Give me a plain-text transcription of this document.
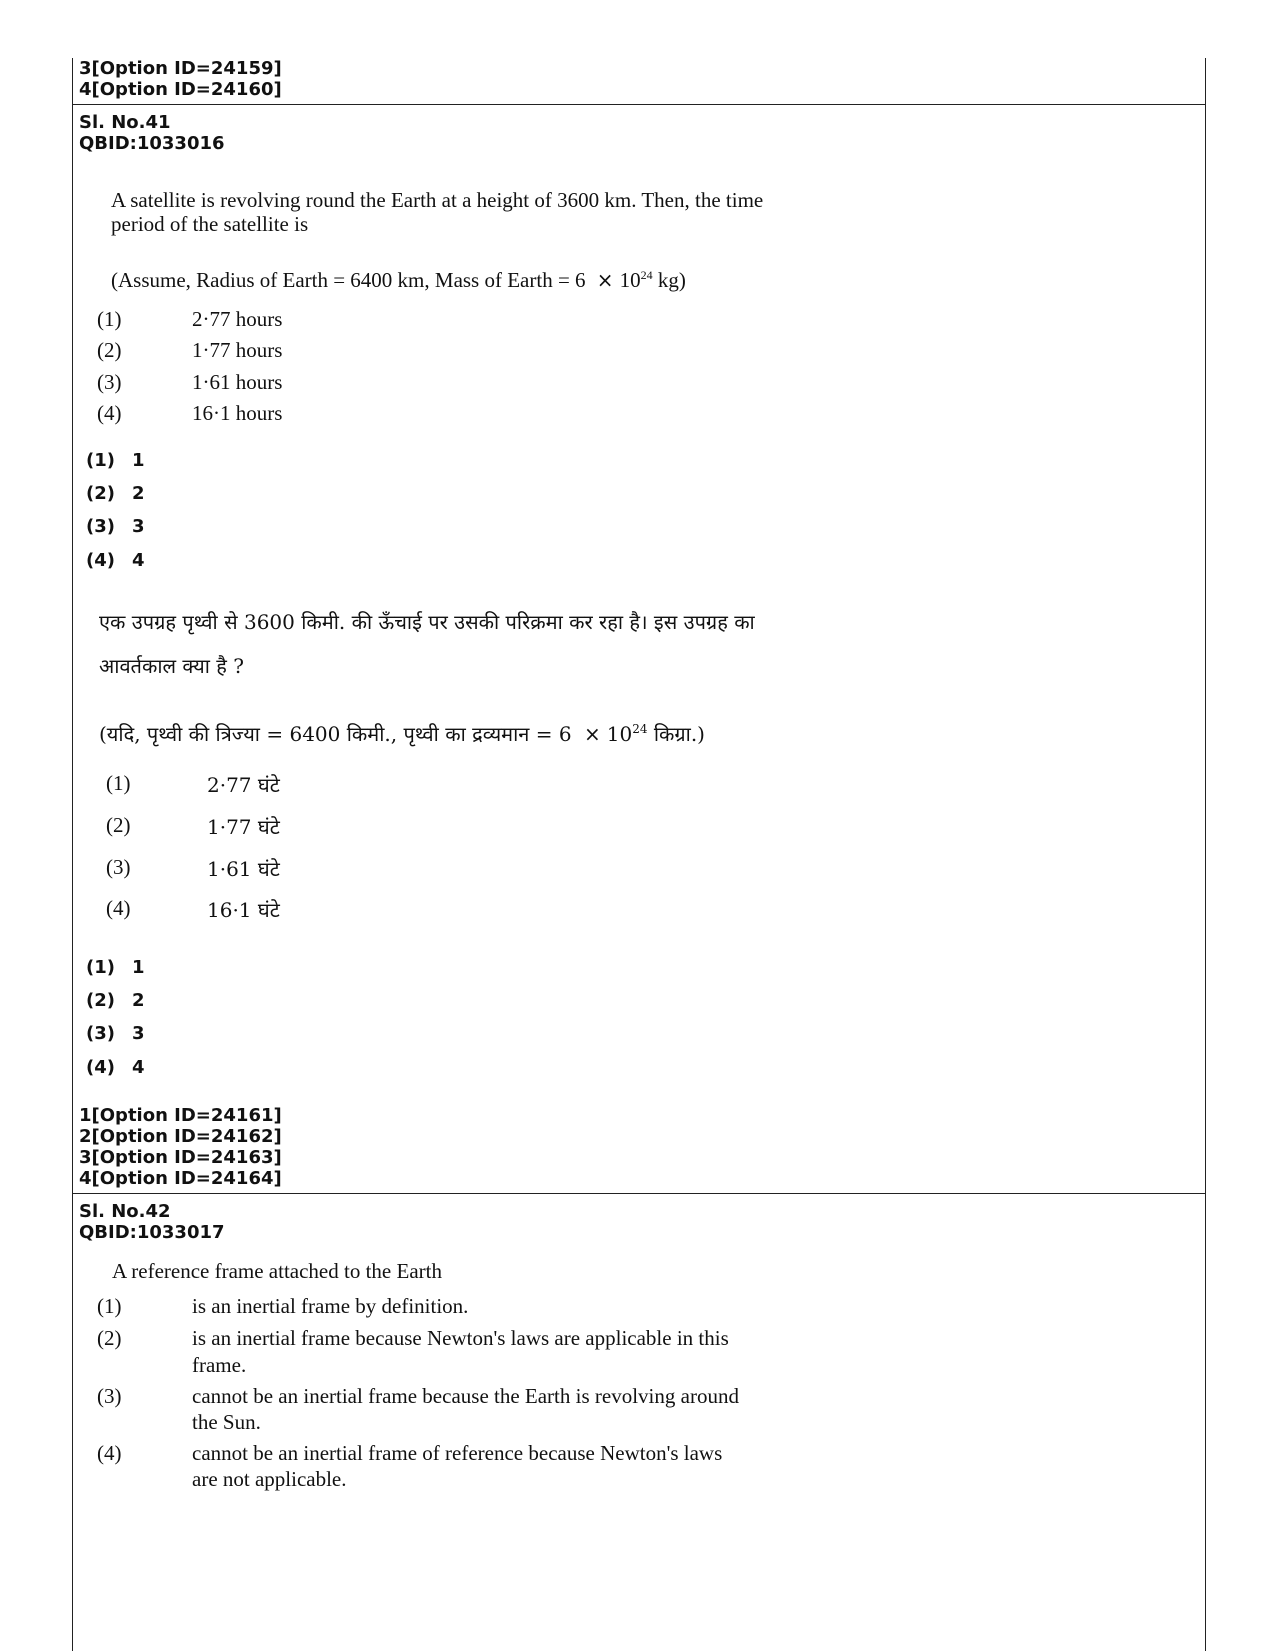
3[Option ID=24159]
4[Option ID=24160]
Sl. No.41
QBID:1033016
A satellite is revolving round the Earth at a height of 3600 km. Then, the time
period of the satellite is
(Assume, Radius of Earth = 6400 km, Mass of Earth = $6 \times 10^{24}$ kg)
(1)	2·77 hours
(2)	1·77 hours
(3)	1·61 hours
(4)	16·1 hours
(1) 1
(2) 2
(3) 3
(4) 4
एक उपग्रह पृथ्वी से 3600 किमी. की ऊँचाई पर उसकी परिक्रमा कर रहा है। इस उपग्रह का
आवर्तकाल क्या है ?
(यदि, पृथ्वी की त्रिज्या = 6400 किमी., पृथ्वी का द्रव्यमान = $6 \times 10^{24}$ किग्रा.)
(1)	2·77 घंटे
(2)	1·77 घंटे
(3)	1·61 घंटे
(4)	16·1 घंटे
(1) 1
(2) 2
(3) 3
(4) 4
1[Option ID=24161]
2[Option ID=24162]
3[Option ID=24163]
4[Option ID=24164]
Sl. No.42
QBID:1033017
A reference frame attached to the Earth
(1)	is an inertial frame by definition.
(2)	is an inertial frame because Newton's laws are applicable in this
frame.
(3)	cannot be an inertial frame because the Earth is revolving around
the Sun.
(4)	cannot be an inertial frame of reference because Newton's laws
are not applicable.
